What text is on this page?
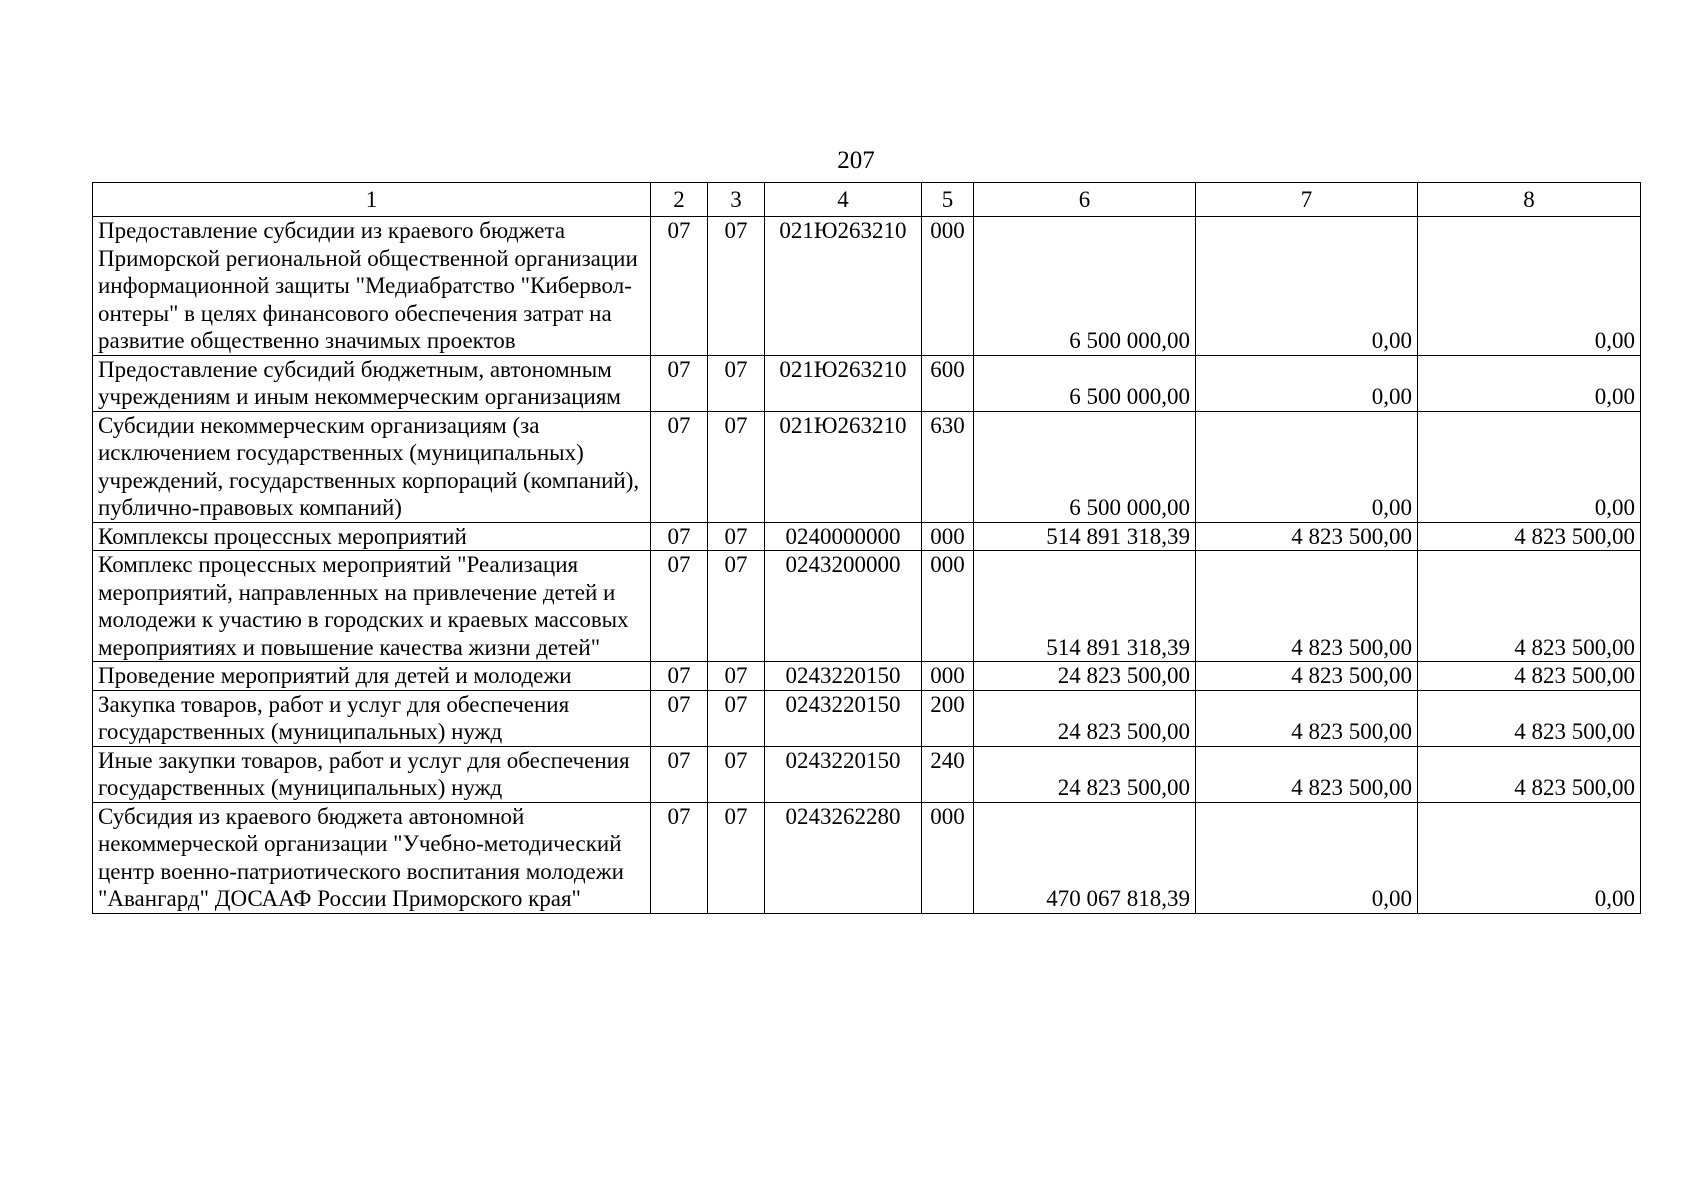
207
1	2	3	4	5	6	7	8
Предоставление субсидии из краевого бюджета Приморской региональной общественной организации информационной защиты "Медиабратство "Киберволонтеры" в целях финансового обеспечения затрат на развитие общественно значимых проектов	07	07	021Ю263210	000	6 500 000,00	0,00	0,00
Предоставление субсидий бюджетным, автономным учреждениям и иным некоммерческим организациям	07	07	021Ю263210	600	6 500 000,00	0,00	0,00
Субсидии некоммерческим организациям (за исключением государственных (муниципальных) учреждений, государственных корпораций (компаний), публично-правовых компаний)	07	07	021Ю263210	630	6 500 000,00	0,00	0,00
Комплексы процессных мероприятий	07	07	0240000000	000	514 891 318,39	4 823 500,00	4 823 500,00
Комплекс процессных мероприятий "Реализация мероприятий, направленных на привлечение детей и молодежи к участию в городских и краевых массовых мероприятиях и повышение качества жизни детей"	07	07	0243200000	000	514 891 318,39	4 823 500,00	4 823 500,00
Проведение мероприятий для детей и молодежи	07	07	0243220150	000	24 823 500,00	4 823 500,00	4 823 500,00
Закупка товаров, работ и услуг для обеспечения государственных (муниципальных) нужд	07	07	0243220150	200	24 823 500,00	4 823 500,00	4 823 500,00
Иные закупки товаров, работ и услуг для обеспечения государственных (муниципальных) нужд	07	07	0243220150	240	24 823 500,00	4 823 500,00	4 823 500,00
Субсидия из краевого бюджета автономной некоммерческой организации "Учебно-методический центр военно-патриотического воспитания молодежи "Авангард" ДОСААФ России Приморского края"	07	07	0243262280	000	470 067 818,39	0,00	0,00
